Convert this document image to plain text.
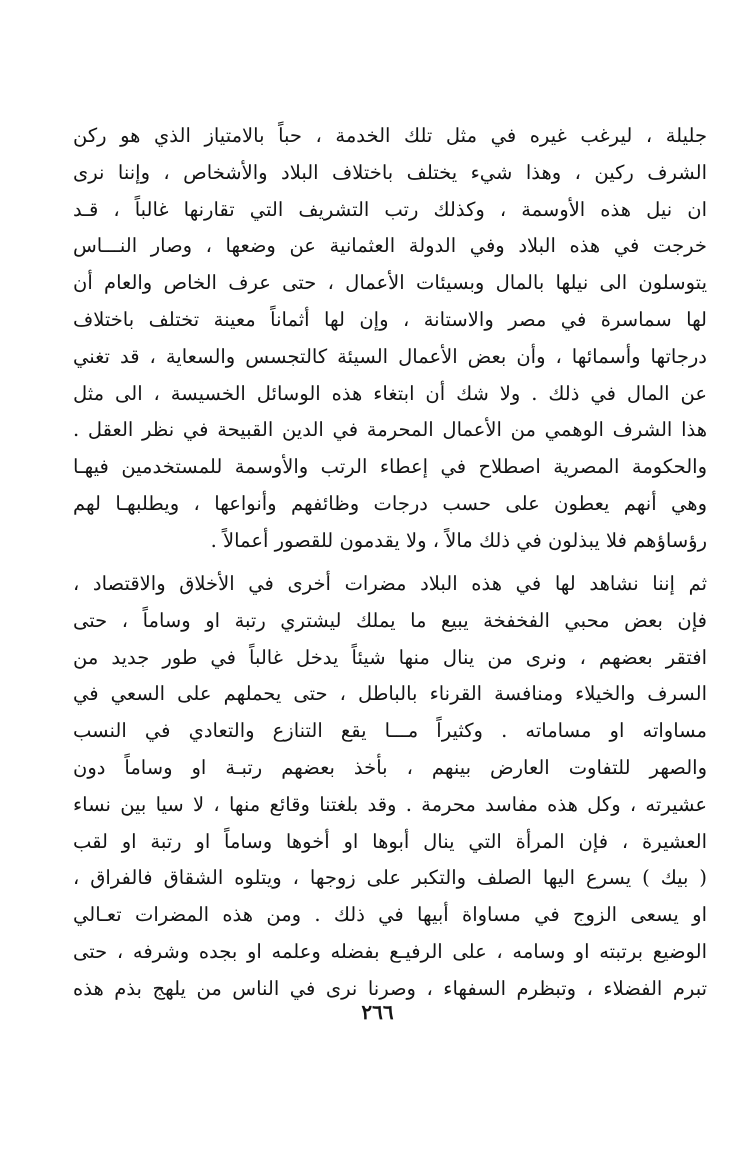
جليلة ، ليرغب غيره في مثل تلك الخدمة ، حباً بالامتياز الذي هو ركن
الشرف ركين ، وهذا شيء يختلف باختلاف البلاد والأشخاص ، وإننا نرى
ان نيل هذه الأوسمة ، وكذلك رتب التشريف التي تقارنها غالباً ، قـد
خرجت في هذه البلاد وفي الدولة العثمانية عن وضعها ، وصار النـــاس
يتوسلون الى نيلها بالمال وبسيئات الأعمال ، حتى عرف الخاص والعام أن
لها سماسرة في مصر والاستانة ، وإن لها أثماناً معينة تختلف باختلاف
درجاتها وأسمائها ، وأن بعض الأعمال السيئة كالتجسس والسعاية ، قد تغني
عن المال في ذلك . ولا شك أن ابتغاء هذه الوسائل الخسيسة ، الى مثل
هذا الشرف الوهمي من الأعمال المحرمة في الدين القبيحة في نظر العقل .
والحكومة المصرية اصطلاح في إعطاء الرتب والأوسمة للمستخدمين فيهـا
وهي أنهم يعطون على حسب درجات وظائفهم وأنواعها ، ويطلبهـا لهم
رؤساؤهم فلا يبذلون في ذلك مالاً ، ولا يقدمون للقصور أعمالاً .
ثم إننا نشاهد لها في هذه البلاد مضرات أخرى في الأخلاق والاقتصاد ،
فإن بعض محبي الفخفخة يبيع ما يملك ليشتري رتبة او وساماً ، حتى
افتقر بعضهم ، ونرى من ينال منها شيئاً يدخل غالباً في طور جديد من
السرف والخيلاء ومنافسة القرناء بالباطل ، حتى يحملهم على السعي في
مساواته او مساماته . وكثيراً مـــا يقع التنازع والتعادي في النسب
والصهر للتفاوت العارض بينهم ، بأخذ بعضهم رتبـة او وساماً دون
عشيرته ، وكل هذه مفاسد محرمة . وقد بلغتنا وقائع منها ، لا سيا بين نساء
العشيرة ، فإن المرأة التي ينال أبوها او أخوها وساماً او رتبة او لقب
( بيك ) يسرع اليها الصلف والتكبر على زوجها ، ويتلوه الشقاق فالفراق ،
او يسعى الزوج في مساواة أبيها في ذلك . ومن هذه المضرات تعـالي
الوضيع برتبته او وسامه ، على الرفيـع بفضله وعلمه او بجده وشرفه ، حتى
تبرم الفضلاء ، وتبظرم السفهاء ، وصرنا نرى في الناس من يلهج بذم هذه
٢٦٦
